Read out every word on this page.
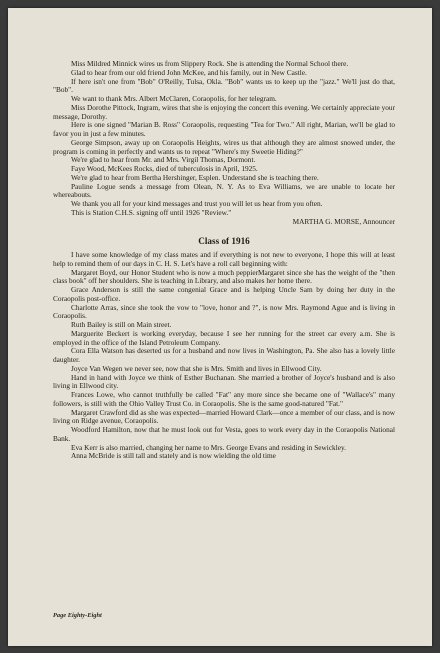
Miss Mildred Minnick wires us from Slippery Rock. She is attending the Normal School there.

Glad to hear from our old friend John McKee, and his family, out in New Castle.

If here isn't one from "Bob" O'Reilly, Tulsa, Okla. "Bob" wants us to keep up the "jazz." We'll just do that, "Bob".

We want to thank Mrs. Albert McClaren, Coraopolis, for her telegram.

Miss Dorothe Pittock, Ingram, wires that she is enjoying the concert this evening. We certainly appreciate your message, Dorothy.

Here is one signed "Marian B. Ross" Coraopolis, requesting "Tea for Two." All right, Marian, we'll be glad to favor you in just a few minutes.

George Simpson, away up on Coraopolis Heights, wires us that although they are almost snowed under, the program is coming in perfectly and wants us to repeat "Where's my Sweetie Hiding?"

We're glad to hear from Mr. and Mrs. Virgil Thomas, Dormont.

Faye Wood, McKees Rocks, died of tuberculosis in April, 1925.

We're glad to hear from Bertha Hershinger, Esplen. Understand she is teaching there.

Pauline Logue sends a message from Olean, N. Y. As to Eva Williams, we are unable to locate her whereabouts.

We thank you all for your kind messages and trust you will let us hear from you often.

This is Station C.H.S. signing off until 1926 "Review."

MARTHA G. MORSE, Announcer

Class of 1916

I have some knowledge of my class mates and if everything is not new to everyone, I hope this will at least help to remind them of our days in C. H. S. Let's have a roll call beginning with:

Margaret Boyd, our Honor Student who is now a much peppierMargaret since she has the weight of the "then class book" off her shoulders. She is teaching in Library, and also makes her home there.

Grace Anderson is still the same congenial Grace and is helping Uncle Sam by doing her duty in the Coraopolis post-office.

Charlotte Arras, since she took the vow to "love, honor and ?", is now Mrs. Raymond Ague and is living in Coraopolis.

Ruth Bailey is still on Main street.

Marguerite Beckert is working everyday, because I see her running for the street car every a.m. She is employed in the office of the Island Petroleum Company.

Cora Ella Watson has deserted us for a husband and now lives in Washington, Pa. She also has a lovely little daughter.

Joyce Van Wegen we never see, now that she is Mrs. Smith and lives in Ellwood City.

Hand in hand with Joyce we think of Esther Buchanan. She married a brother of Joyce's husband and is also living in Ellwood city.

Frances Lowe, who cannot truthfully be called "Fat" any more since she became one of "Wallace's" many followers, is still with the Ohio Valley Trust Co. in Coraopolis. She is the same good-natured "Fat."

Margaret Crawford did as she was expected—married Howard Clark—once a member of our class, and is now living on Ridge avenue, Coraopolis.

Woodford Hamilton, now that he must look out for Vesta, goes to work every day in the Coraopolis National Bank.

Eva Kerr is also married, changing her name to Mrs. George Evans and residing in Sewickley.

Anna McBride is still tall and stately and is now wielding the old time

Page Eighty-Eight
